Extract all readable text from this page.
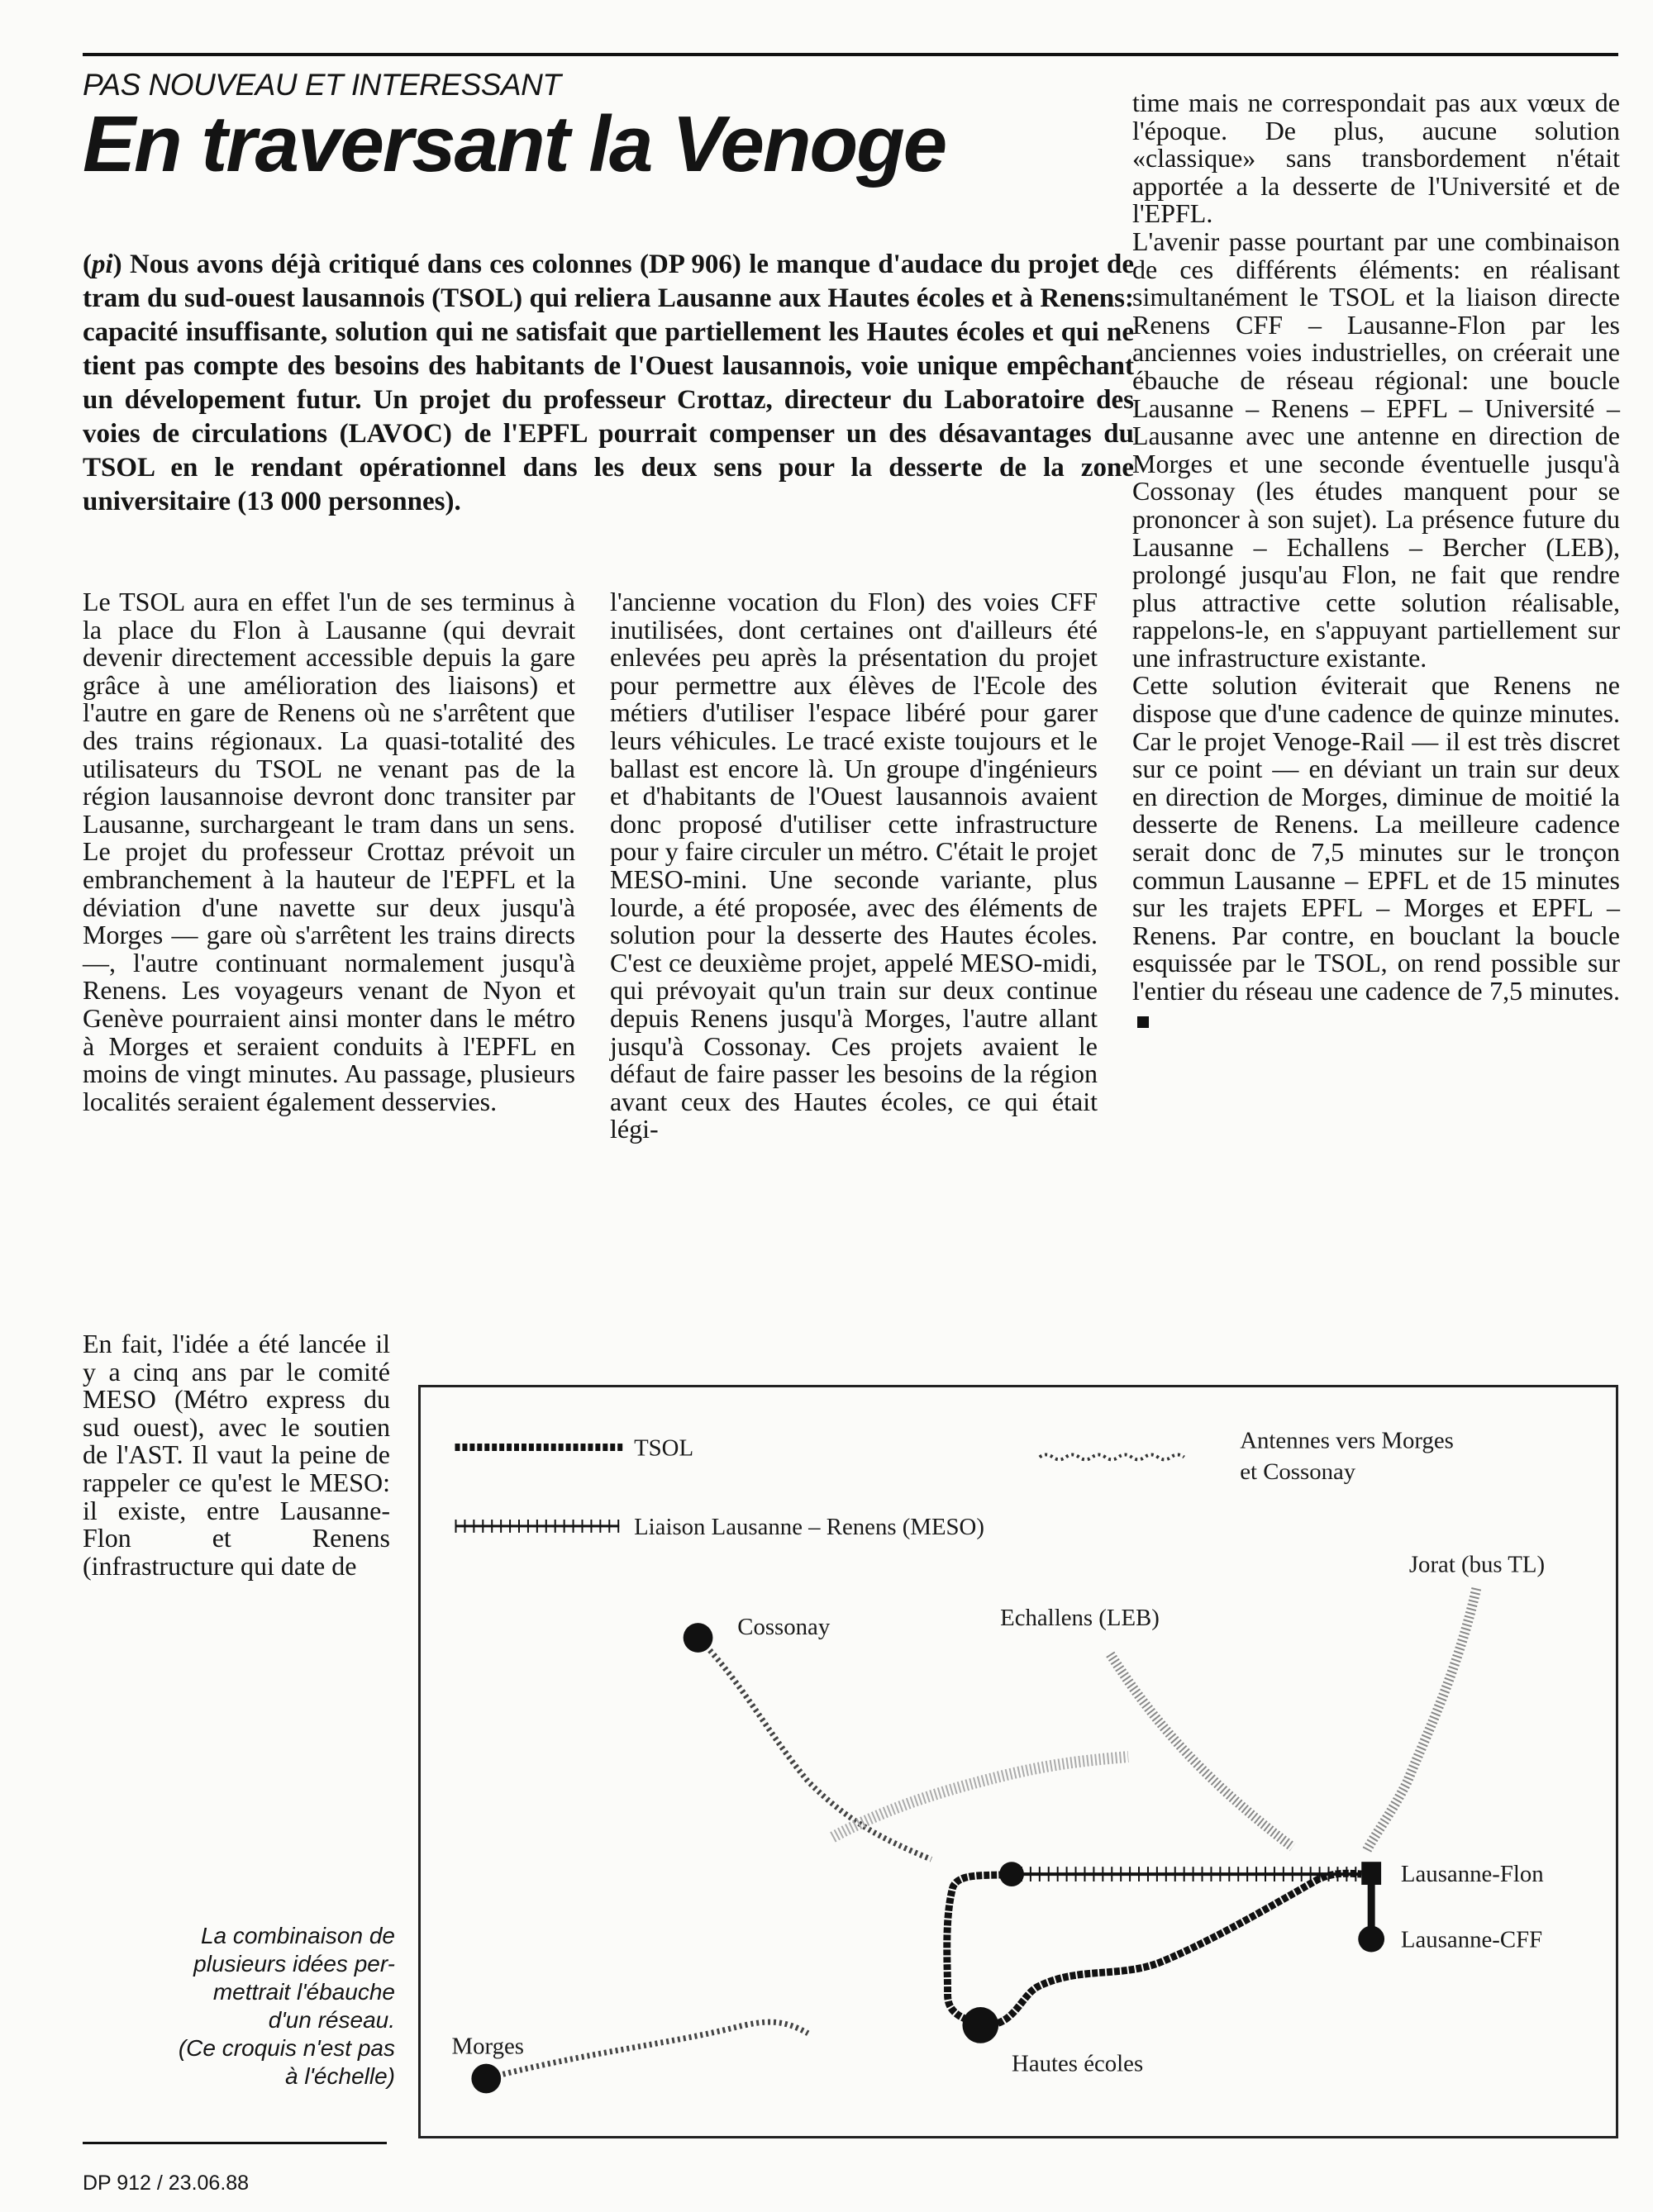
PAS NOUVEAU ET INTERESSANT

En traversant la Venoge

(pi) Nous avons déjà critiqué dans ces colonnes (DP 906) le manque d'audace du projet de tram du sud-ouest lausannois (TSOL) qui reliera Lausanne aux Hautes écoles et à Renens: capacité insuffisante, solution qui ne satisfait que partiellement les Hautes écoles et qui ne tient pas compte des besoins des habitants de l'Ouest lausannois, voie unique empêchant un dévelopement futur. Un projet du professeur Crottaz, directeur du Laboratoire des voies de circulations (LAVOC) de l'EPFL pourrait compenser un des désavantages du TSOL en le rendant opérationnel dans les deux sens pour la desserte de la zone universitaire (13 000 personnes).

Le TSOL aura en effet l'un de ses terminus à la place du Flon à Lausanne (qui devrait devenir directement accessible depuis la gare grâce à une amélioration des liaisons) et l'autre en gare de Renens où ne s'arrêtent que des trains régionaux. La quasi-totalité des utilisateurs du TSOL ne venant pas de la région lausannoise devront donc transiter par Lausanne, surchargeant le tram dans un sens. Le projet du professeur Crottaz prévoit un embranchement à la hauteur de l'EPFL et la déviation d'une navette sur deux jusqu'à Morges — gare où s'arrêtent les trains directs —, l'autre continuant normalement jusqu'à Renens. Les voyageurs venant de Nyon et Genève pourraient ainsi monter dans le métro à Morges et seraient conduits à l'EPFL en moins de vingt minutes. Au passage, plusieurs localités seraient également desservies.

En fait, l'idée a été lancée il y a cinq ans par le comité MESO (Métro express du sud ouest), avec le soutien de l'AST. Il vaut la peine de rappeler ce qu'est le MESO: il existe, entre Lausanne-Flon et Renens (infrastructure qui date de

l'ancienne vocation du Flon) des voies CFF inutilisées, dont certaines ont d'ailleurs été enlevées peu après la présentation du projet pour permettre aux élèves de l'Ecole des métiers d'utiliser l'espace libéré pour garer leurs véhicules. Le tracé existe toujours et le ballast est encore là. Un groupe d'ingénieurs et d'habitants de l'Ouest lausannois avaient donc proposé d'utiliser cette infrastructure pour y faire circuler un métro. C'était le projet MESO-mini. Une seconde variante, plus lourde, a été proposée, avec des éléments de solution pour la desserte des Hautes écoles. C'est ce deuxième projet, appelé MESO-midi, qui prévoyait qu'un train sur deux continue depuis Renens jusqu'à Morges, l'autre allant jusqu'à Cossonay. Ces projets avaient le défaut de faire passer les besoins de la région avant ceux des Hautes écoles, ce qui était légi-

time mais ne correspondait pas aux vœux de l'époque. De plus, aucune solution «classique» sans transbordement n'était apportée a la desserte de l'Université et de l'EPFL.

L'avenir passe pourtant par une combinaison de ces différents éléments: en réalisant simultanément le TSOL et la liaison directe Renens CFF – Lausanne-Flon par les anciennes voies industrielles, on créerait une ébauche de réseau régional: une boucle Lausanne – Renens – EPFL – Université – Lausanne avec une antenne en direction de Morges et une seconde éventuelle jusqu'à Cossonay (les études manquent pour se prononcer à son sujet). La présence future du Lausanne – Echallens – Bercher (LEB), prolongé jusqu'au Flon, ne fait que rendre plus attractive cette solution réalisable, rappelons-le, en s'appuyant partiellement sur une infrastructure existante.

Cette solution éviterait que Renens ne dispose que d'une cadence de quinze minutes. Car le projet Venoge-Rail — il est très discret sur ce point — en déviant un train sur deux en direction de Morges, diminue de moitié la desserte de Renens. La meilleure cadence serait donc de 7,5 minutes sur le tronçon commun Lausanne – EPFL et de 15 minutes sur les trajets EPFL – Morges et EPFL – Renens. Par contre, en bouclant la boucle esquissée par le TSOL, on rend possible sur l'entier du réseau une cadence de 7,5 minutes.

TSOL
Liaison Lausanne – Renens (MESO)
Antennes vers Morges
et Cossonay
Cossonay	Echallens (LEB)
Jorat (bus TL)
Lausanne-Flon
Lausanne-CFF
Hautes écoles
Morges
La combinaison de
plusieurs idées per-
mettrait l'ébauche
d'un réseau.
(Ce croquis n'est pas
à l'échelle)

DP 912 / 23.06.88
